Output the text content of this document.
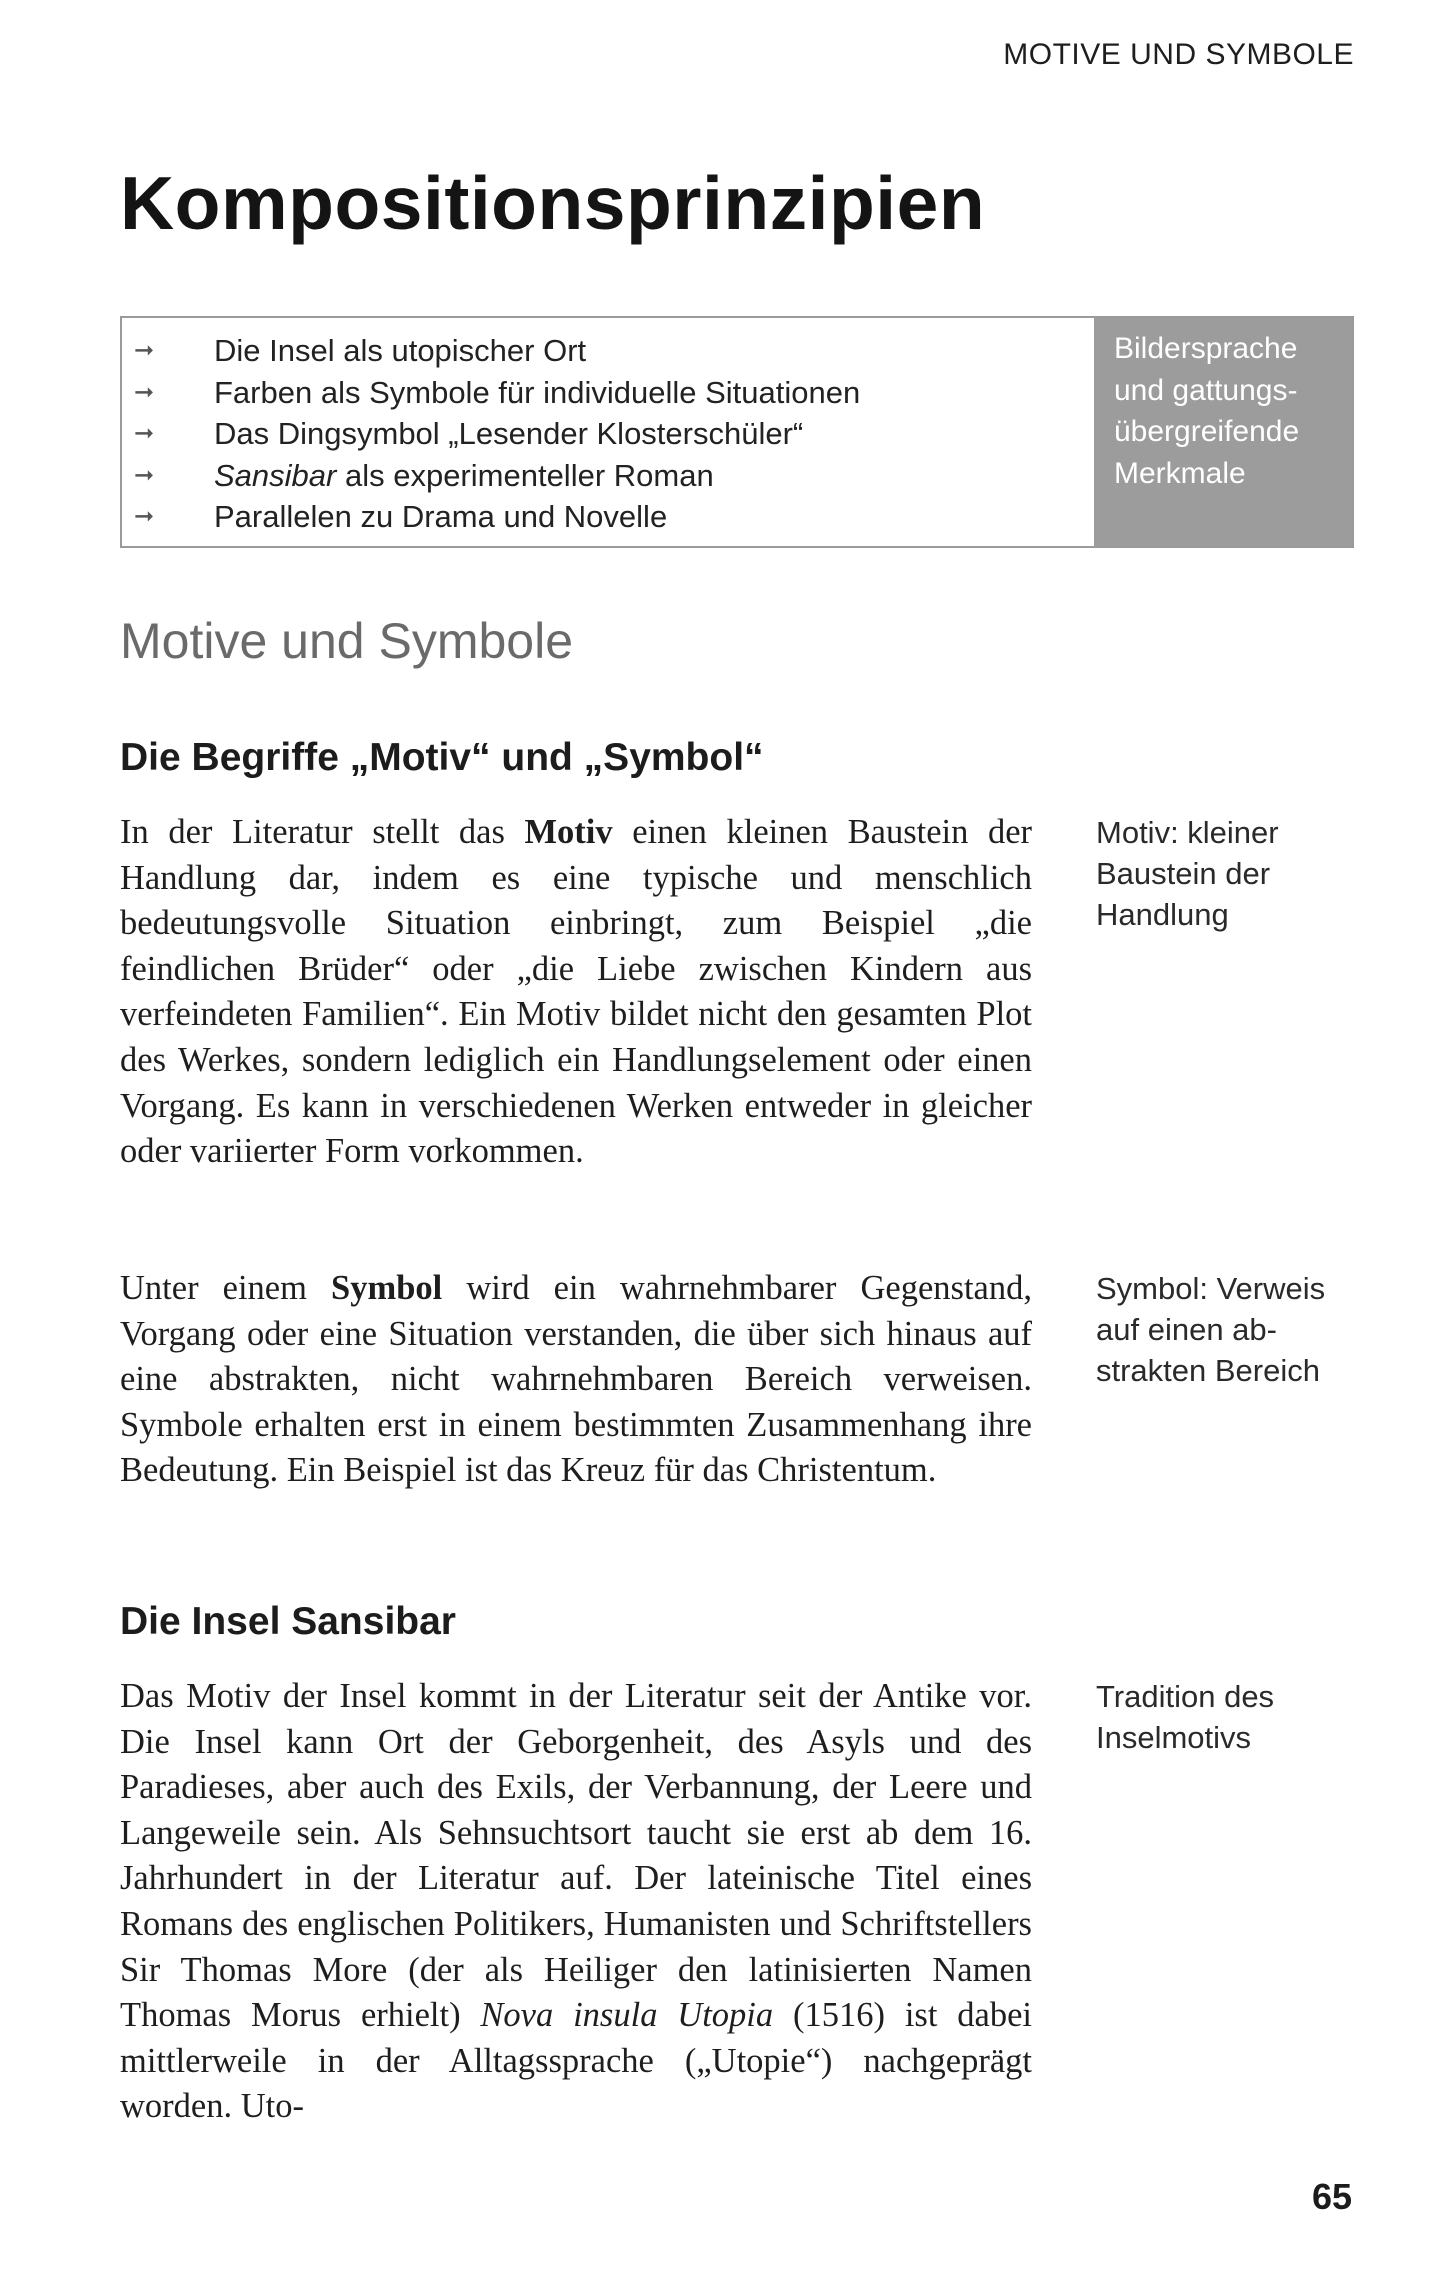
MOTIVE UND SYMBOLE
Kompositionsprinzipien
➞	Die Insel als utopischer Ort
➞	Farben als Symbole für individuelle Situationen
➞	Das Dingsymbol „Lesender Klosterschüler“
➞	Sansibar als experimenteller Roman
➞	Parallelen zu Drama und Novelle
Bildersprache
und gattungs-
übergreifende
Merkmale
Motive und Symbole
Die Begriffe „Motiv“ und „Symbol“

In der Literatur stellt das Motiv einen kleinen Baustein der Handlung dar, indem es eine typische und menschlich bedeutungsvolle Situation einbringt, zum Beispiel „die feindlichen Brüder“ oder „die Liebe zwischen Kindern aus verfeindeten Familien“. Ein Motiv bildet nicht den gesamten Plot des Werkes, sondern lediglich ein Handlungselement oder einen Vorgang. Es kann in verschiedenen Werken entweder in gleicher oder variierter Form vorkommen.

Motiv: kleiner
Baustein der
Handlung

Unter einem Symbol wird ein wahrnehmbarer Gegenstand, Vorgang oder eine Situation verstanden, die über sich hinaus auf eine abstrakten, nicht wahrnehmbaren Bereich verweisen. Symbole erhalten erst in einem bestimmten Zusammenhang ihre Bedeutung. Ein Beispiel ist das Kreuz für das Christentum.

Symbol: Verweis
auf einen ab-
strakten Bereich
Die Insel Sansibar

Das Motiv der Insel kommt in der Literatur seit der Antike vor. Die Insel kann Ort der Geborgenheit, des Asyls und des Paradieses, aber auch des Exils, der Verbannung, der Leere und Langeweile sein. Als Sehnsuchtsort taucht sie erst ab dem 16. Jahrhundert in der Literatur auf. Der lateinische Titel eines Romans des englischen Politikers, Humanisten und Schriftstellers Sir Thomas More (der als Heiliger den latinisierten Namen Thomas Morus erhielt) Nova insula Utopia (1516) ist dabei mittlerweile in der Alltagssprache („Utopie“) nachgeprägt worden. Uto-

Tradition des
Inselmotivs
65
